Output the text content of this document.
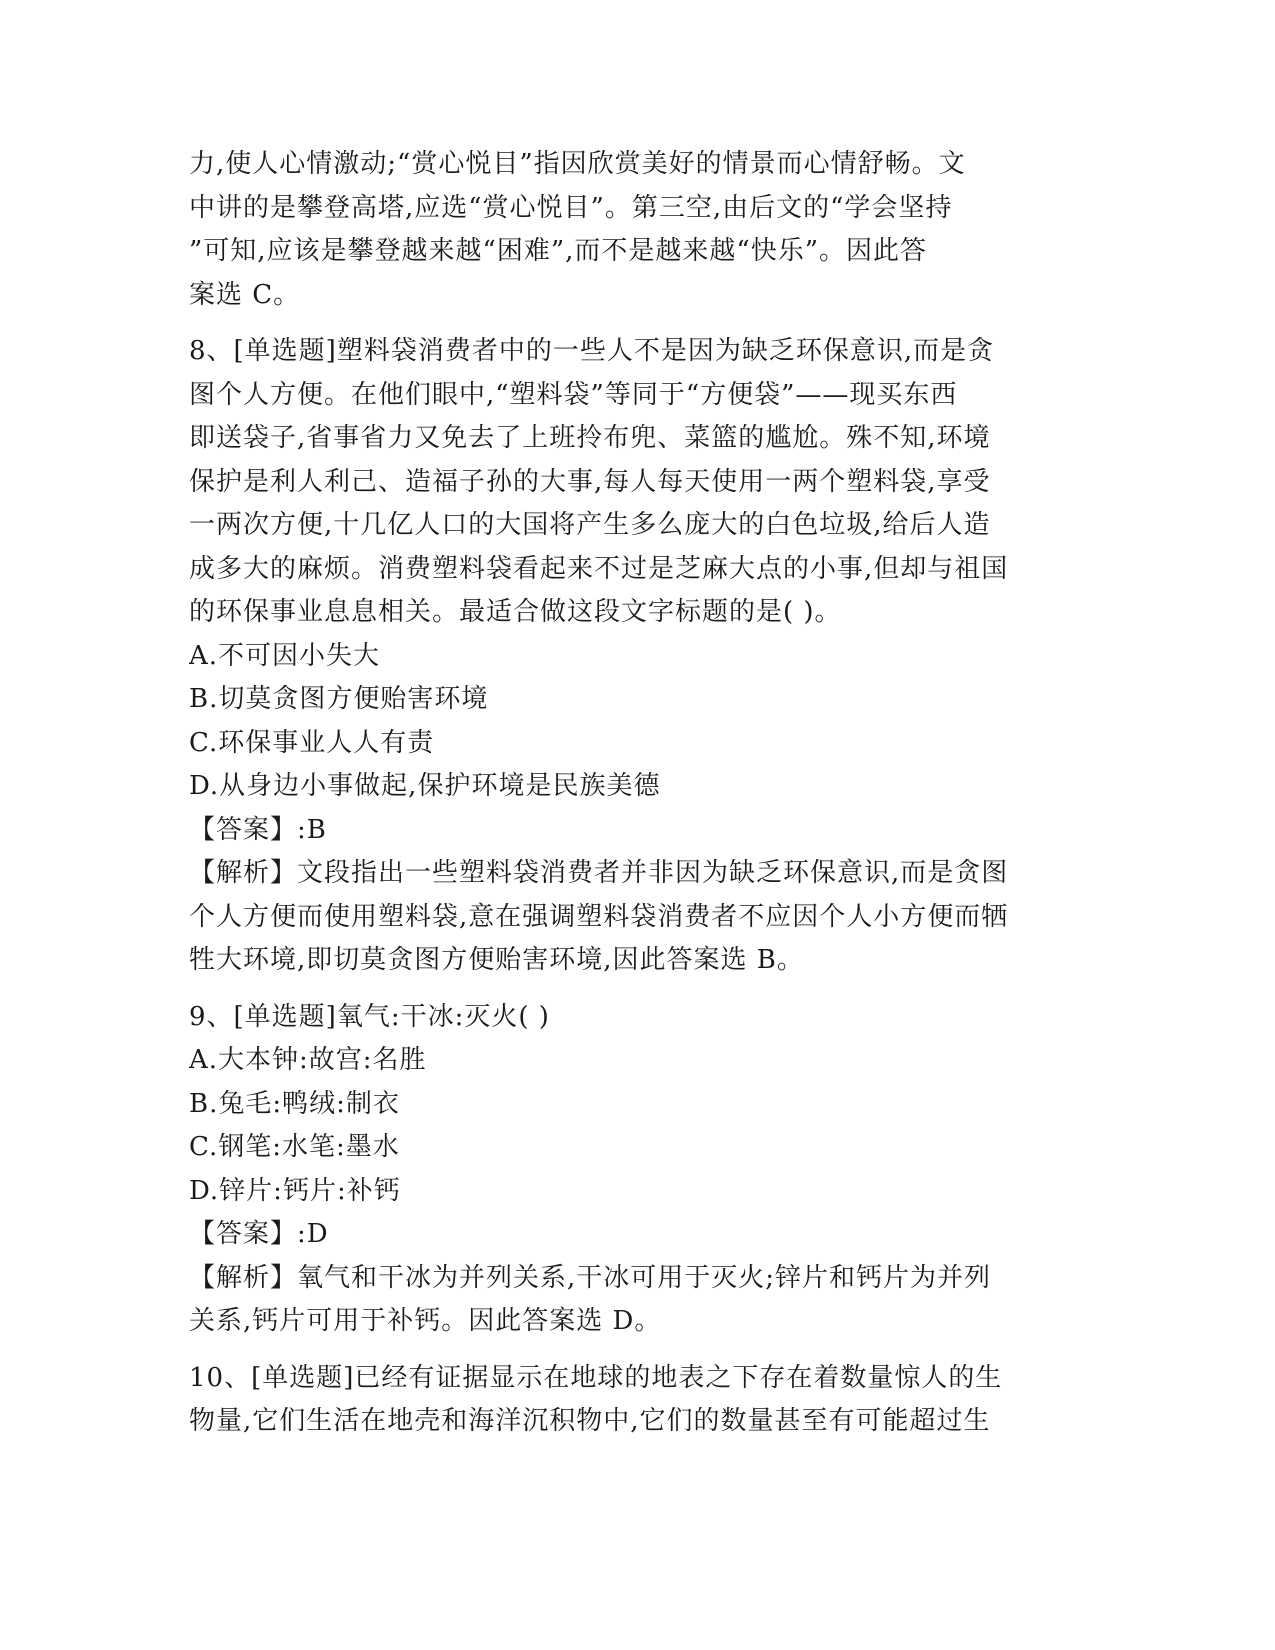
力,使人心情激动;“赏心悦目”指因欣赏美好的情景而心情舒畅。文
中讲的是攀登高塔,应选“赏心悦目”。第三空,由后文的“学会坚持
”可知,应该是攀登越来越“困难”,而不是越来越“快乐”。因此答
案选 C。
8、[单选题]塑料袋消费者中的一些人不是因为缺乏环保意识,而是贪
图个人方便。在他们眼中,“塑料袋”等同于“方便袋”——现买东西
即送袋子,省事省力又免去了上班拎布兜、菜篮的尴尬。殊不知,环境
保护是利人利己、造福子孙的大事,每人每天使用一两个塑料袋,享受
一两次方便,十几亿人口的大国将产生多么庞大的白色垃圾,给后人造
成多大的麻烦。消费塑料袋看起来不过是芝麻大点的小事,但却与祖国
的环保事业息息相关。最适合做这段文字标题的是( )。
A.不可因小失大
B.切莫贪图方便贻害环境
C.环保事业人人有责
D.从身边小事做起,保护环境是民族美德
【答案】:B
【解析】文段指出一些塑料袋消费者并非因为缺乏环保意识,而是贪图
个人方便而使用塑料袋,意在强调塑料袋消费者不应因个人小方便而牺
牲大环境,即切莫贪图方便贻害环境,因此答案选 B。
9、[单选题]氧气:干冰:灭火( )
A.大本钟:故宫:名胜
B.兔毛:鸭绒:制衣
C.钢笔:水笔:墨水
D.锌片:钙片:补钙
【答案】:D
【解析】氧气和干冰为并列关系,干冰可用于灭火;锌片和钙片为并列
关系,钙片可用于补钙。因此答案选 D。
10、[单选题]已经有证据显示在地球的地表之下存在着数量惊人的生
物量,它们生活在地壳和海洋沉积物中,它们的数量甚至有可能超过生
